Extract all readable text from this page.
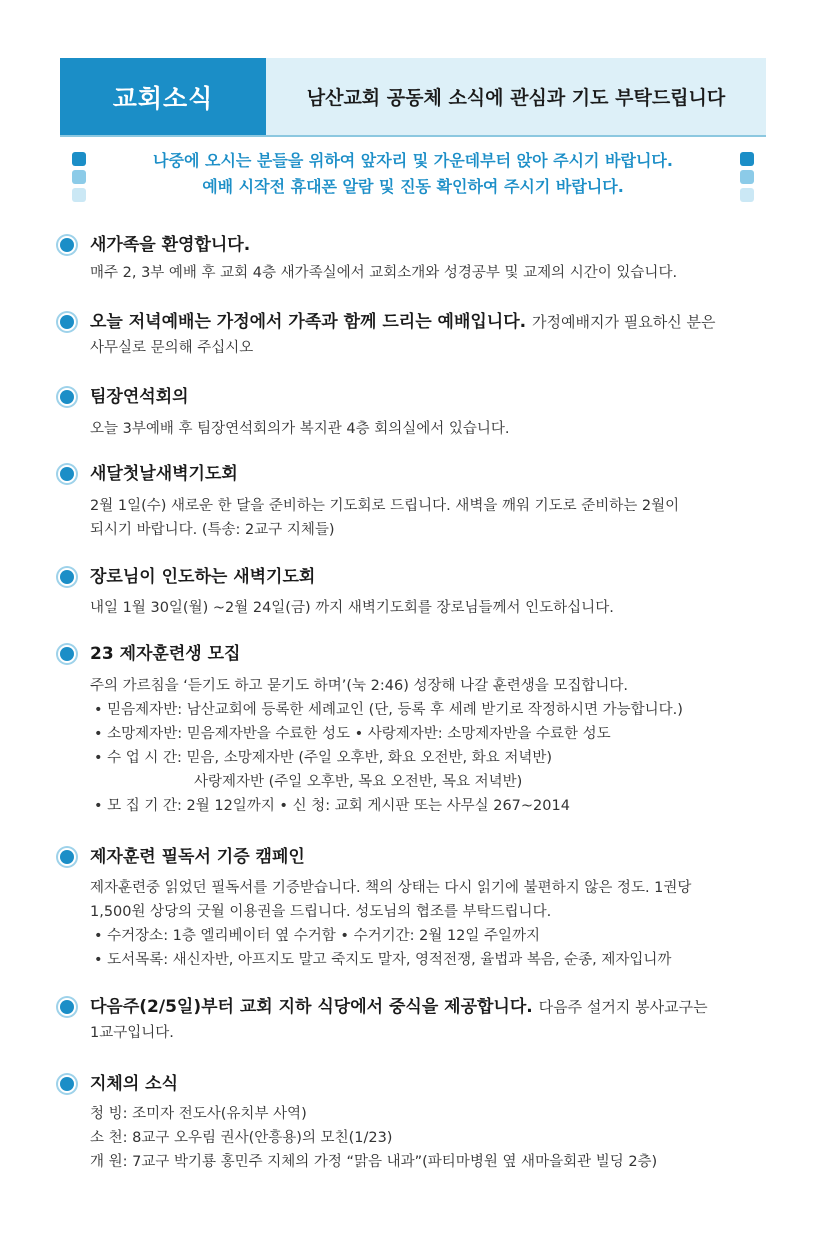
교회소식	남산교회 공동체 소식에 관심과 기도 부탁드립니다
나중에 오시는 분들을 위하여 앞자리 및 가운데부터 앉아 주시기 바랍니다.
예배 시작전 휴대폰 알람 및 진동 확인하여 주시기 바랍니다.
새가족을 환영합니다.

매주 2, 3부 예배 후 교회 4층 새가족실에서 교회소개와 성경공부 및 교제의 시간이 있습니다.

오늘 저녁예배는 가정에서 가족과 함께 드리는 예배입니다. 가정예배지가 필요하신 분은

사무실로 문의해 주십시오

팀장연석회의

오늘 3부예배 후 팀장연석회의가 복지관 4층 회의실에서 있습니다.

새달첫날새벽기도회

2월 1일(수) 새로운 한 달을 준비하는 기도회로 드립니다. 새벽을 깨워 기도로 준비하는 2월이

되시기 바랍니다. (특송: 2교구 지체들)

장로님이 인도하는 새벽기도회

내일 1월 30일(월) ~2월 24일(금) 까지 새벽기도회를 장로님들께서 인도하십니다.

23 제자훈련생 모집

주의 가르침을 ‘듣기도 하고 묻기도 하며’(눅 2:46) 성장해 나갈 훈련생을 모집합니다.

• 믿음제자반: 남산교회에 등록한 세례교인 (단, 등록 후 세례 받기로 작정하시면 가능합니다.)

• 소망제자반: 믿음제자반을 수료한 성도 • 사랑제자반: 소망제자반을 수료한 성도

• 수 업 시 간: 믿음, 소망제자반 (주일 오후반, 화요 오전반, 화요 저녁반)

사랑제자반 (주일 오후반, 목요 오전반, 목요 저녁반)

• 모 집 기 간: 2월 12일까지 • 신 청: 교회 게시판 또는 사무실 267~2014

제자훈련 필독서 기증 캠페인

제자훈련중 읽었던 필독서를 기증받습니다. 책의 상태는 다시 읽기에 불편하지 않은 정도. 1권당

1,500원 상당의 굿월 이용권을 드립니다. 성도님의 협조를 부탁드립니다.

• 수거장소: 1층 엘리베이터 옆 수거함 • 수거기간: 2월 12일 주일까지

• 도서목록: 새신자반, 아프지도 말고 죽지도 말자, 영적전쟁, 율법과 복음, 순종, 제자입니까

다음주(2/5일)부터 교회 지하 식당에서 중식을 제공합니다. 다음주 설거지 봉사교구는

1교구입니다.

지체의 소식

청 빙: 조미자 전도사(유치부 사역)

소 천: 8교구 오우림 권사(안흥용)의 모친(1/23)

개 원: 7교구 박기룡 홍민주 지체의 가정 “맑음 내과”(파티마병원 옆 새마을회관 빌딩 2층)
